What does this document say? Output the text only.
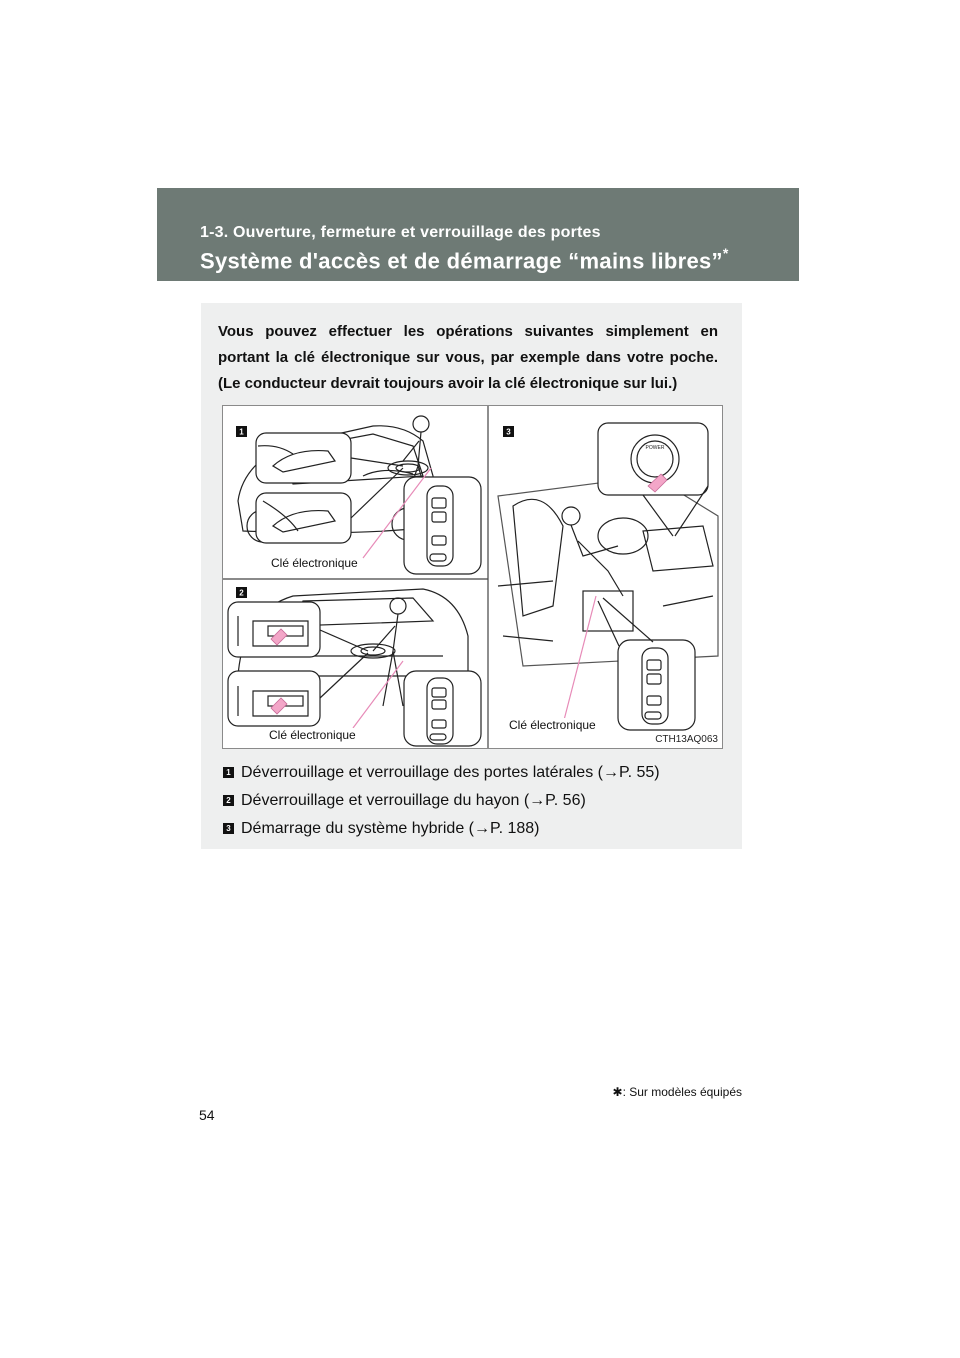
1-3. Ouverture, fermeture et verrouillage des portes
Système d'accès et de démarrage “mains libres”*
Vous pouvez effectuer les opérations suivantes simplement en
portant la clé électronique sur vous, par exemple dans votre poche.
(Le conducteur devrait toujours avoir la clé électronique sur lui.)
1
2
3
POWER
Clé électronique
Clé électronique
Clé électronique
CTH13AQ063
1 Déverrouillage et verrouillage des portes latérales (→P. 55)
2 Déverrouillage et verrouillage du hayon (→P. 56)
3 Démarrage du système hybride (→P. 188)
✱: Sur modèles équipés
54
